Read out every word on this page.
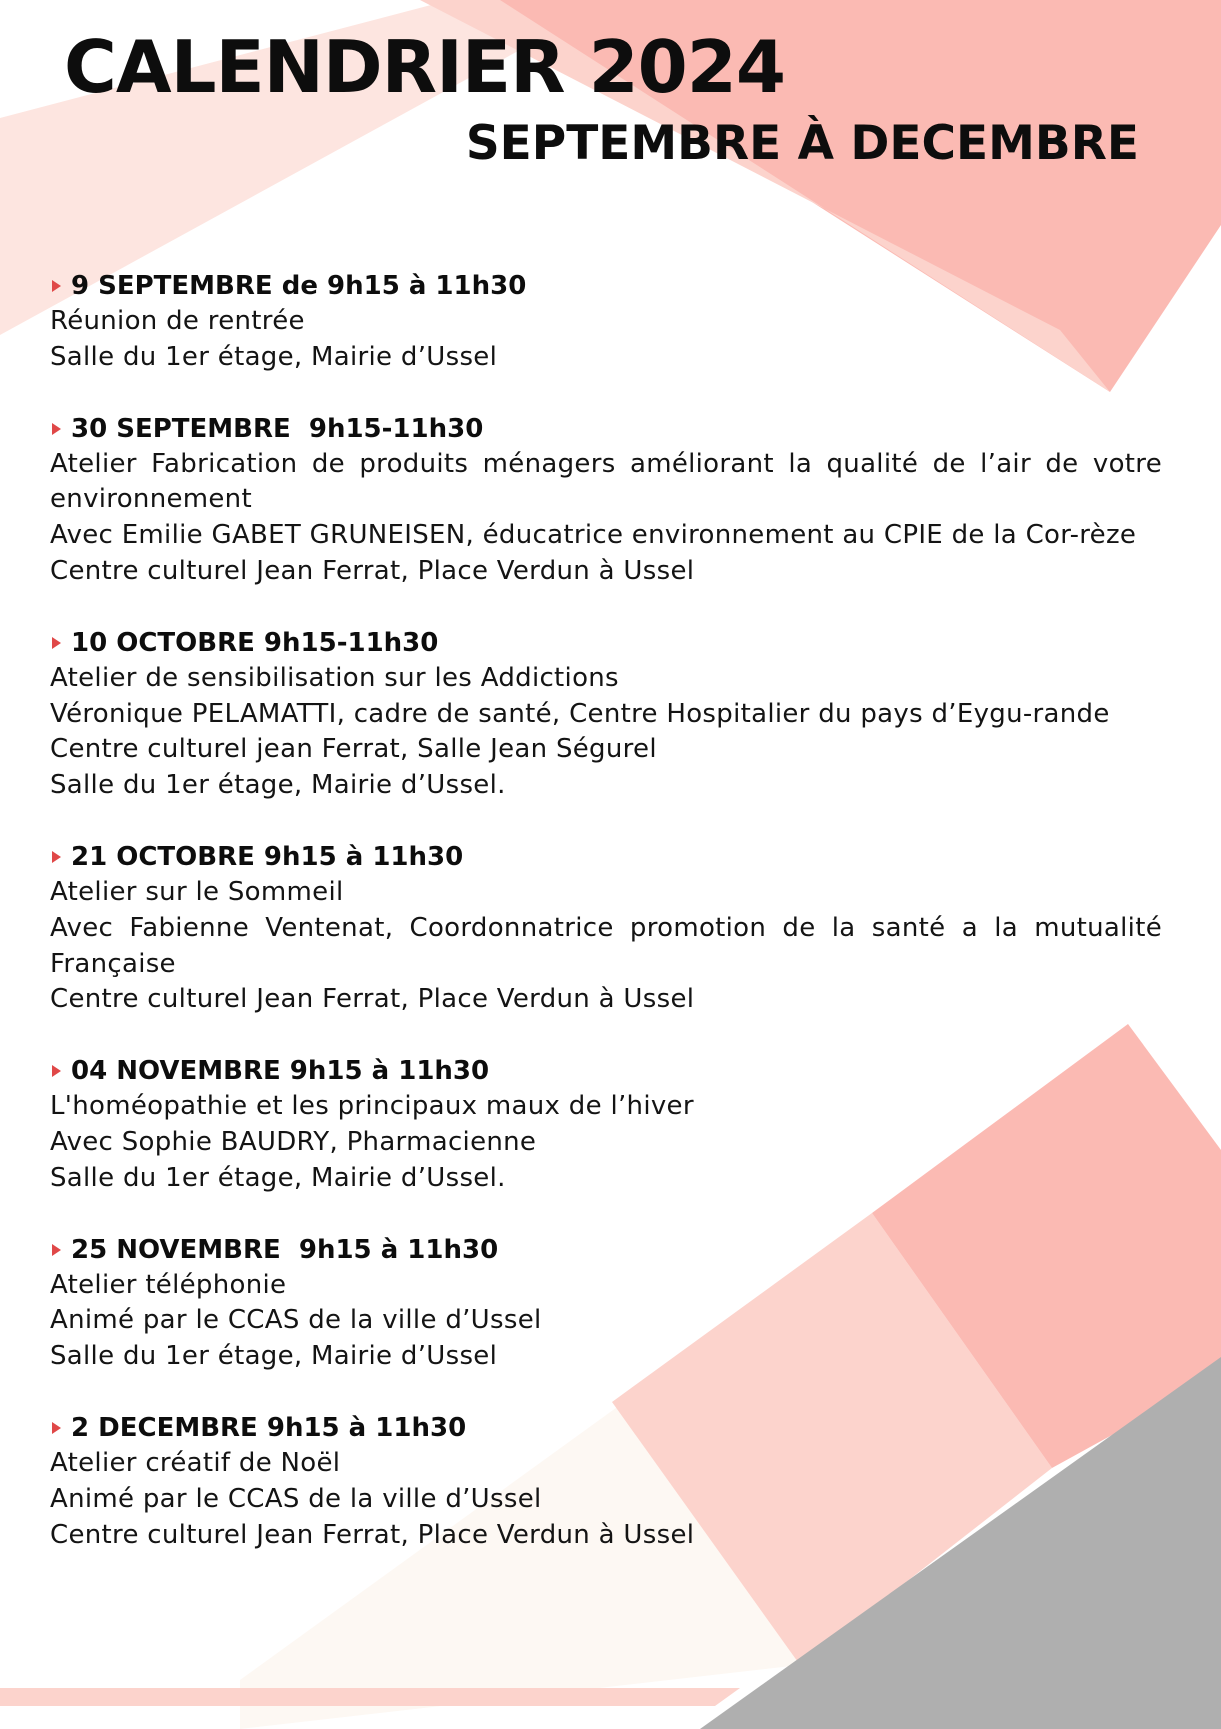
CALENDRIER 2024
SEPTEMBRE À DECEMBRE
9 SEPTEMBRE de 9h15 à 11h30
Réunion de rentrée
Salle du 1er étage, Mairie d’Ussel
30 SEPTEMBRE  9h15-11h30
Atelier Fabrication de produits ménagers améliorant la qualité de l’air de votre environnement
Avec Emilie GABET GRUNEISEN, éducatrice environnement au CPIE de la Cor-rèze
Centre culturel Jean Ferrat, Place Verdun à Ussel
10 OCTOBRE 9h15-11h30
Atelier de sensibilisation sur les Addictions
Véronique PELAMATTI, cadre de santé, Centre Hospitalier du pays d’Eygu-rande
Centre culturel jean Ferrat, Salle Jean Ségurel
Salle du 1er étage, Mairie d’Ussel.
21 OCTOBRE 9h15 à 11h30
Atelier sur le Sommeil
Avec Fabienne Ventenat, Coordonnatrice promotion de la santé a la mutualité Française
Centre culturel Jean Ferrat, Place Verdun à Ussel
04 NOVEMBRE 9h15 à 11h30
L'homéopathie et les principaux maux de l’hiver
Avec Sophie BAUDRY, Pharmacienne
Salle du 1er étage, Mairie d’Ussel.
25 NOVEMBRE  9h15 à 11h30
Atelier téléphonie
Animé par le CCAS de la ville d’Ussel
Salle du 1er étage, Mairie d’Ussel
2 DECEMBRE 9h15 à 11h30
Atelier créatif de Noël
Animé par le CCAS de la ville d’Ussel
Centre culturel Jean Ferrat, Place Verdun à Ussel
